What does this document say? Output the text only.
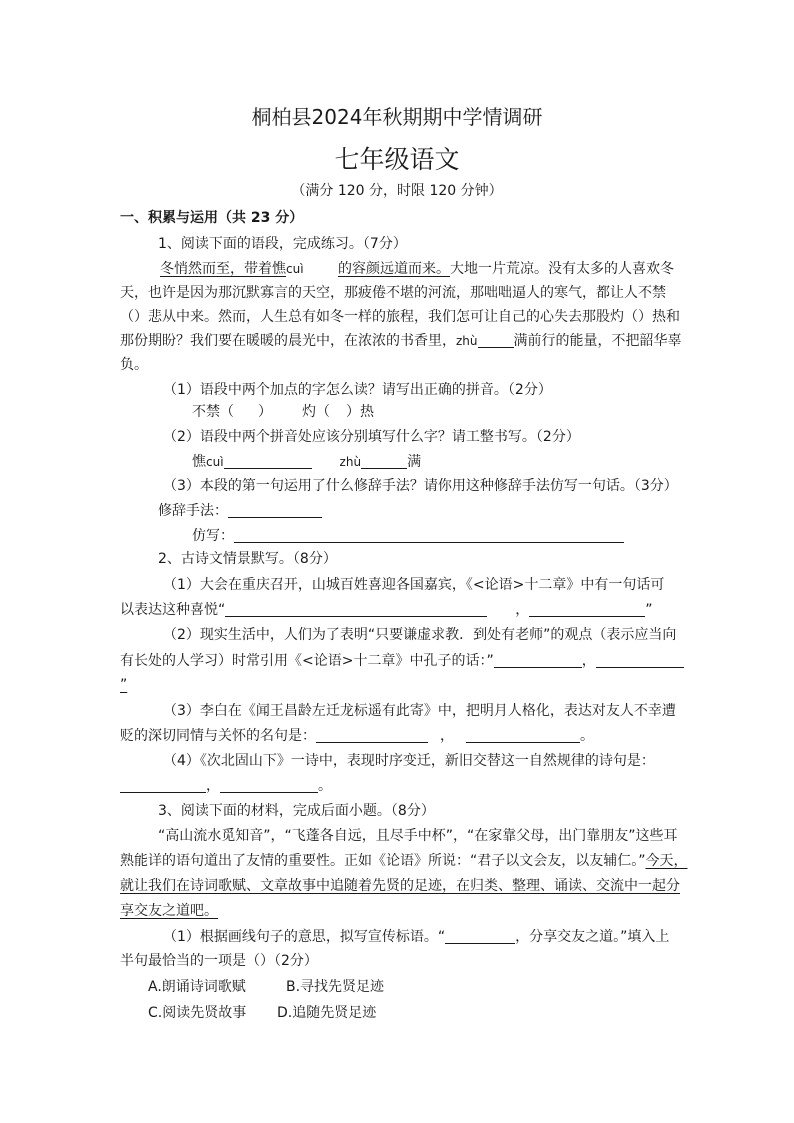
桐柏县2024年秋期期中学情调研
七年级语文
（满分 120 分，时限 120 分钟）
一、积累与运用（共 23 分）
1、阅读下面的语段，完成练习。（7分）
冬悄然而至，带着憔cuì 的容颜远道而来。大地一片荒凉。没有太多的人喜欢冬
天，也许是因为那沉默寡言的天空，那疲倦不堪的河流，那咄咄逼人的寒气，都让人不禁
（）悲从中来。然而，人生总有如冬一样的旅程，我们怎可让自己的心失去那股灼（）热和
那份期盼？我们要在暖暖的晨光中，在浓浓的书香里，zhù	满前行的能量，不把韶华辜
负。
（1）语段中两个加点的字怎么读？请写出正确的拼音。（2分）
不禁（ ） 灼（ ）热
（2）语段中两个拼音处应该分别填写什么字？请工整书写。（2分）
憔cuì	zhù	满
（3）本段的第一句运用了什么修辞手法？请你用这种修辞手法仿写一句话。（3分）
修辞手法：
仿写：
2、古诗文情景默写。（8分）
（1）大会在重庆召开，山城百姓喜迎各国嘉宾，《<论语>十二章》中有一句话可
以表达这种喜悦“	，	”
（2）现实生活中，人们为了表明“只要谦虚求教．到处有老师”的观点（表示应当向
有长处的人学习）时常引用《<论语>十二章》中孔子的话：”	，
”
（3）李白在《闻王昌龄左迁龙标遥有此寄》中，把明月人格化，表达对友人不幸遭
贬的深切同情与关怀的名句是：	，	。
（4）《次北固山下》一诗中，表现时序变迁，新旧交替这一自然规律的诗句是：
，	。
3、阅读下面的材料，完成后面小题。（8分）
“高山流水觅知音”，“飞蓬各自远，且尽手中杯”，“在家靠父母，出门靠朋友”这些耳
熟能详的语句道出了友情的重要性。正如《论语》所说：“君子以文会友，以友辅仁。”今天，
就让我们在诗词歌赋、文章故事中追随着先贤的足迹，在归类、整理、诵读、交流中一起分
享交友之道吧。
（1）根据画线句子的意思，拟写宣传标语。“	，分享交友之道。”填入上
半句最恰当的一项是（）（2分）
A.朗诵诗词歌赋	B.寻找先贤足迹
C.阅读先贤故事 D.追随先贤足迹
